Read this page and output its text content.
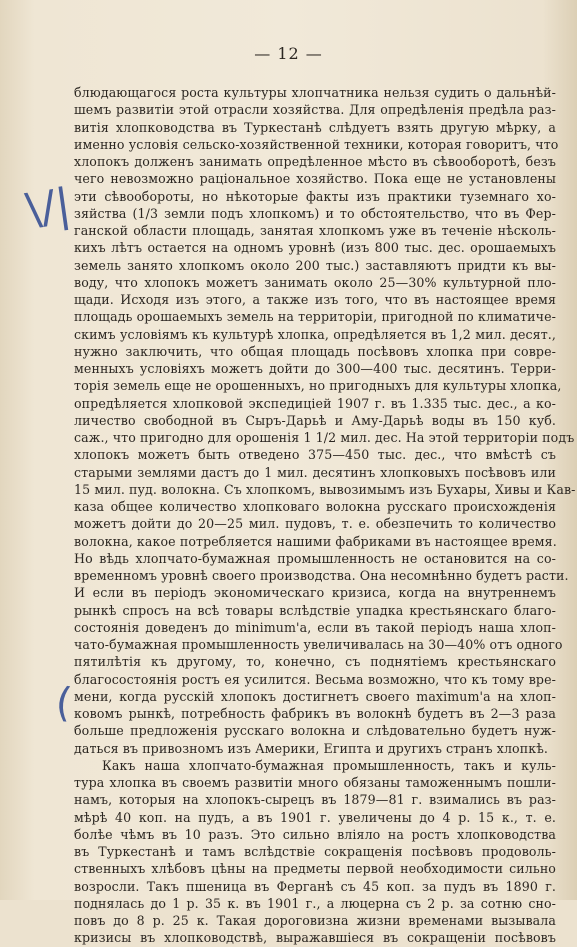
— 12 —
\/|
(
блюдающагося роста культуры хлопчатника нельзя судить о дальнѣй-
шемъ развитіи этой отрасли хозяйства. Для опредѣленія предѣла раз-
витія хлопководства въ Туркестанѣ слѣдуетъ взять другую мѣрку, а
именно условія сельско-хозяйственной техники, которая говоритъ, что
хлопокъ долженъ занимать опредѣленное мѣсто въ сѣвооборотѣ, безъ
чего невозможно раціональное хозяйство. Пока еще не установлены
эти сѣвообороты, но нѣкоторые факты изъ практики туземнаго хо-
зяйства (1/3 земли подъ хлопкомъ) и то обстоятельство, что въ Фер-
ганской области площадь, занятая хлопкомъ уже въ теченіе нѣсколь-
кихъ лѣтъ остается на одномъ уровнѣ (изъ 800 тыс. дес. орошаемыхъ
земель занято хлопкомъ около 200 тыс.) заставляютъ придти къ вы-
воду, что хлопокъ можетъ занимать около 25—30% культурной пло-
щади. Исходя изъ этого, а также изъ того, что въ настоящее время
площадь орошаемыхъ земель на территоріи, пригодной по климатиче-
скимъ условіямъ къ культурѣ хлопка, опредѣляется въ 1,2 мил. десят.,
нужно заключить, что общая площадь посѣвовъ хлопка при совре-
менныхъ условіяхъ можетъ дойти до 300—400 тыс. десятинъ. Терри-
торія земель еще не орошенныхъ, но пригодныхъ для культуры хлопка,
опредѣляется хлопковой экспедиціей 1907 г. въ 1.335 тыс. дес., а ко-
личество свободной въ Сыръ-Дарьѣ и Аму-Дарьѣ воды въ 150 куб.
саж., что пригодно для орошенія 1 1/2 мил. дес. На этой территоріи подъ
хлопокъ можетъ быть отведено 375—450 тыс. дес., что вмѣстѣ съ
старыми землями дастъ до 1 мил. десятинъ хлопковыхъ посѣвовъ или
15 мил. пуд. волокна. Съ хлопкомъ, вывозимымъ изъ Бухары, Хивы и Кав-
каза общее количество хлопковаго волокна русскаго происхожденія
можетъ дойти до 20—25 мил. пудовъ, т. е. обезпечить то количество
волокна, какое потребляется нашими фабриками въ настоящее время.
Но вѣдь хлопчато-бумажная промышленность не остановится на со-
временномъ уровнѣ своего производства. Она несомнѣнно будетъ расти.
И если въ періодъ экономическаго кризиса, когда на внутреннемъ
рынкѣ спросъ на всѣ товары вслѣдствіе упадка крестьянскаго благо-
состоянія доведенъ до minimum'a, если въ такой періодъ наша хлоп-
чато-бумажная промышленность увеличивалась на 30—40% отъ одного
пятилѣтія къ другому, то, конечно, съ поднятіемъ крестьянскаго
благосостоянія ростъ ея усилится. Весьма возможно, что къ тому вре-
мени, когда русскій хлопокъ достигнетъ своего maximum'a на хлоп-
ковомъ рынкѣ, потребность фабрикъ въ волокнѣ будетъ въ 2—3 раза
больше предложенія русскаго волокна и слѣдовательно будетъ нуж-
даться въ привозномъ изъ Америки, Египта и другихъ странъ хлопкѣ.
Какъ наша хлопчато-бумажная промышленность, такъ и куль-
тура хлопка въ своемъ развитіи много обязаны таможеннымъ пошли-
намъ, которыя на хлопокъ-сырецъ въ 1879—81 г. взимались въ раз-
мѣрѣ 40 коп. на пудъ, а въ 1901 г. увеличены до 4 р. 15 к., т. е.
болѣе чѣмъ въ 10 разъ. Это сильно вліяло на ростъ хлопководства
въ Туркестанѣ и тамъ вслѣдствіе сокращенія посѣвовъ продоволь-
ственныхъ хлѣбовъ цѣны на предметы первой необходимости сильно
возросли. Такъ пшеница въ Ферганѣ съ 45 коп. за пудъ въ 1890 г.
поднялась до 1 р. 35 к. въ 1901 г., а люцерна съ 2 р. за сотню сно-
повъ до 8 р. 25 к. Такая дороговизна жизни временами вызывала
кризисы въ хлопководствѣ, выражавшіеся въ сокращеніи посѣвовъ
